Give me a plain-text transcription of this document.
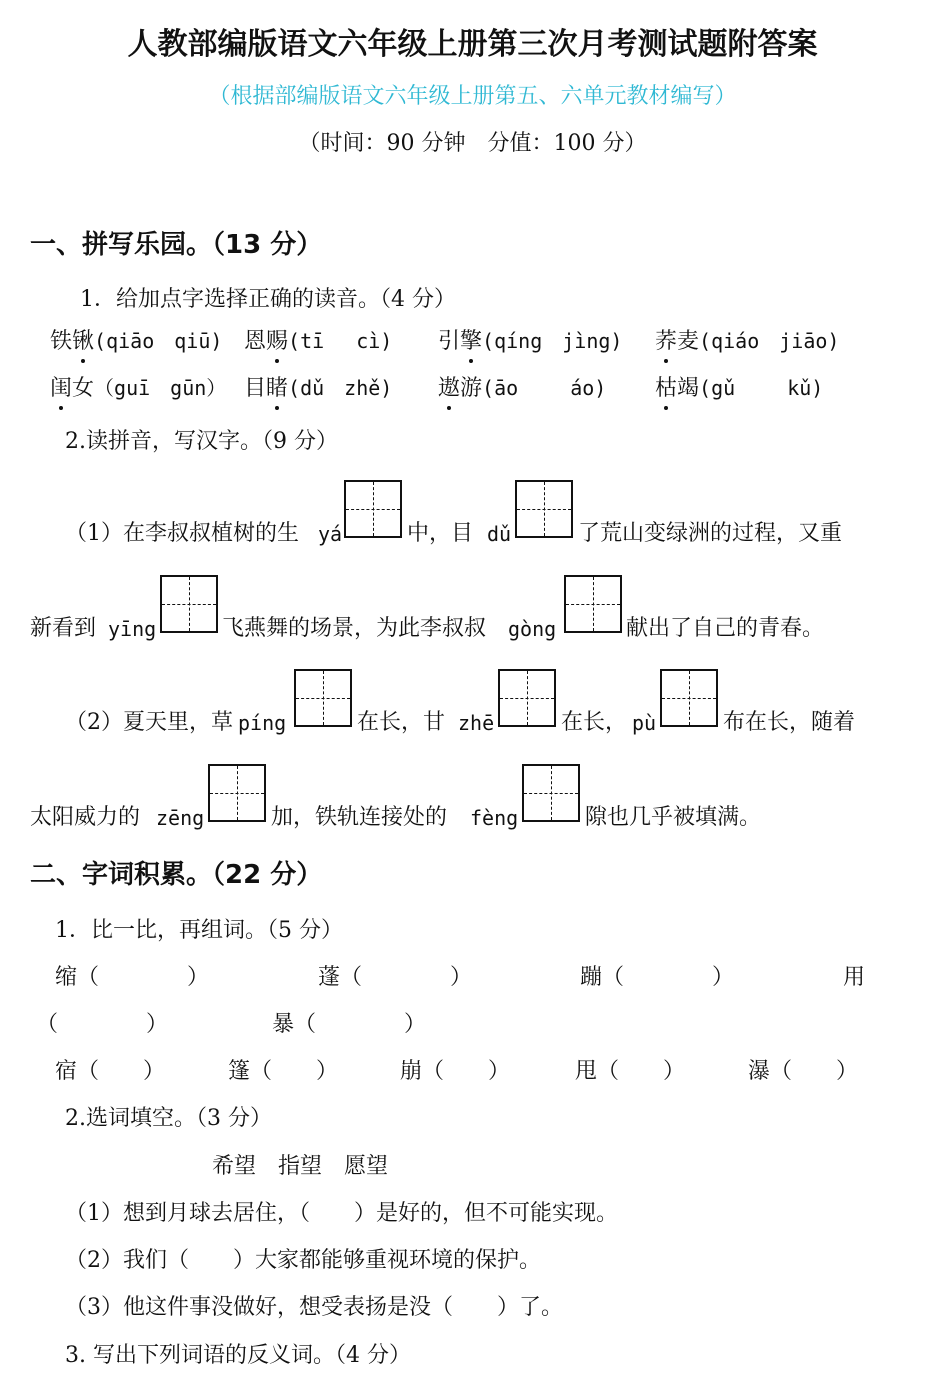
人教部编版语文六年级上册第三次月考测试题附答案
（根据部编版语文六年级上册第五、六单元教材编写）
（时间：90 分钟　分值：100 分）
一、拼写乐园。（13 分）
1．给加点字选择正确的读音。（4 分）
铁锹(qiāo　qiū) 恩赐(tī　 cì) 引擎(qíng　jìng) 荞麦(qiáo　jiāo)
闺女（guī　gūn） 目睹(dǔ　zhě) 遨游(āo　　 áo) 枯竭(gǔ　　 kǔ)
2.读拼音，写汉字。（9 分）
（1）在李叔叔植树的生 yá	中，目 dǔ	了荒山变绿洲的过程，又重
新看到 yīng	飞燕舞的场景，为此李叔叔 gòng	献出了自己的青春。
（2）夏天里，草 píng	在长，甘 zhē	在长， pù	布在长，随着
太阳威力的 zēng	加，铁轨连接处的 fèng	隙也几乎被填满。
二、字词积累。（22 分）
1．比一比，再组词。（5 分）
缩（　　　　）	蓬（　　　　）	蹦（　　　　）	用
（　　　　）	暴（　　　　）
宿（　　）	篷（　　）	崩（　　）	甩（　　）	瀑（　　）
2.选词填空。（3 分）
希望　指望　愿望
（1）想到月球去居住，（　　）是好的，但不可能实现。
（2）我们（　　）大家都能够重视环境的保护。
（3）他这件事没做好，想受表扬是没（　　）了。
3. 写出下列词语的反义词。（4 分）
